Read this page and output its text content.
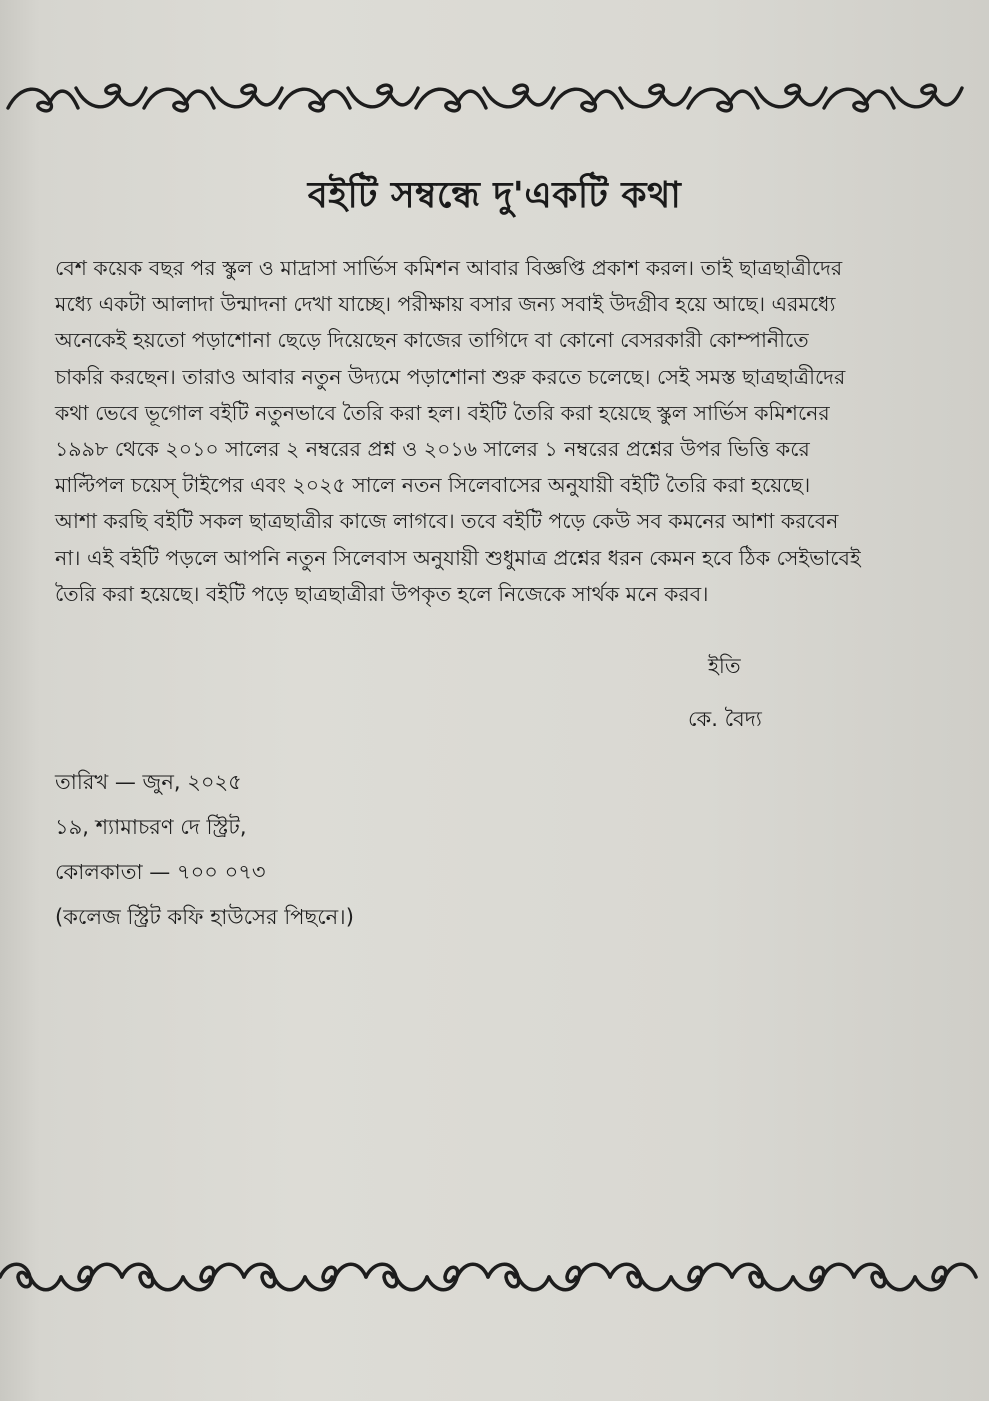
বইটি সম্বন্ধে দু'একটি কথা
বেশ কয়েক বছর পর স্কুল ও মাদ্রাসা সার্ভিস কমিশন আবার বিজ্ঞপ্তি প্রকাশ করল। তাই ছাত্রছাত্রীদের
মধ্যে একটা আলাদা উন্মাদনা দেখা যাচ্ছে। পরীক্ষায় বসার জন্য সবাই উদগ্রীব হয়ে আছে। এরমধ্যে
অনেকেই হয়তো পড়াশোনা ছেড়ে দিয়েছেন কাজের তাগিদে বা কোনো বেসরকারী কোম্পানীতে
চাকরি করছেন। তারাও আবার নতুন উদ্যমে পড়াশোনা শুরু করতে চলেছে। সেই সমস্ত ছাত্রছাত্রীদের
কথা ভেবে ভূগোল বইটি নতুনভাবে তৈরি করা হল। বইটি তৈরি করা হয়েছে স্কুল সার্ভিস কমিশনের
১৯৯৮ থেকে ২০১০ সালের ২ নম্বরের প্রশ্ন ও ২০১৬ সালের ১ নম্বরের প্রশ্নের উপর ভিত্তি করে
মাল্টিপল চয়েস্ টাইপের এবং ২০২৫ সালে নতন সিলেবাসের অনুযায়ী বইটি তৈরি করা হয়েছে।
আশা করছি বইটি সকল ছাত্রছাত্রীর কাজে লাগবে। তবে বইটি পড়ে কেউ সব কমনের আশা করবেন
না। এই বইটি পড়লে আপনি নতুন সিলেবাস অনুযায়ী শুধুমাত্র প্রশ্নের ধরন কেমন হবে ঠিক সেইভাবেই
তৈরি করা হয়েছে। বইটি পড়ে ছাত্রছাত্রীরা উপকৃত হলে নিজেকে সার্থক মনে করব।
ইতি
কে. বৈদ্য
তারিখ — জুন, ২০২৫
১৯, শ্যামাচরণ দে স্ট্রিট,
কোলকাতা — ৭০০ ০৭৩
(কলেজ স্ট্রিট কফি হাউসের পিছনে।)
